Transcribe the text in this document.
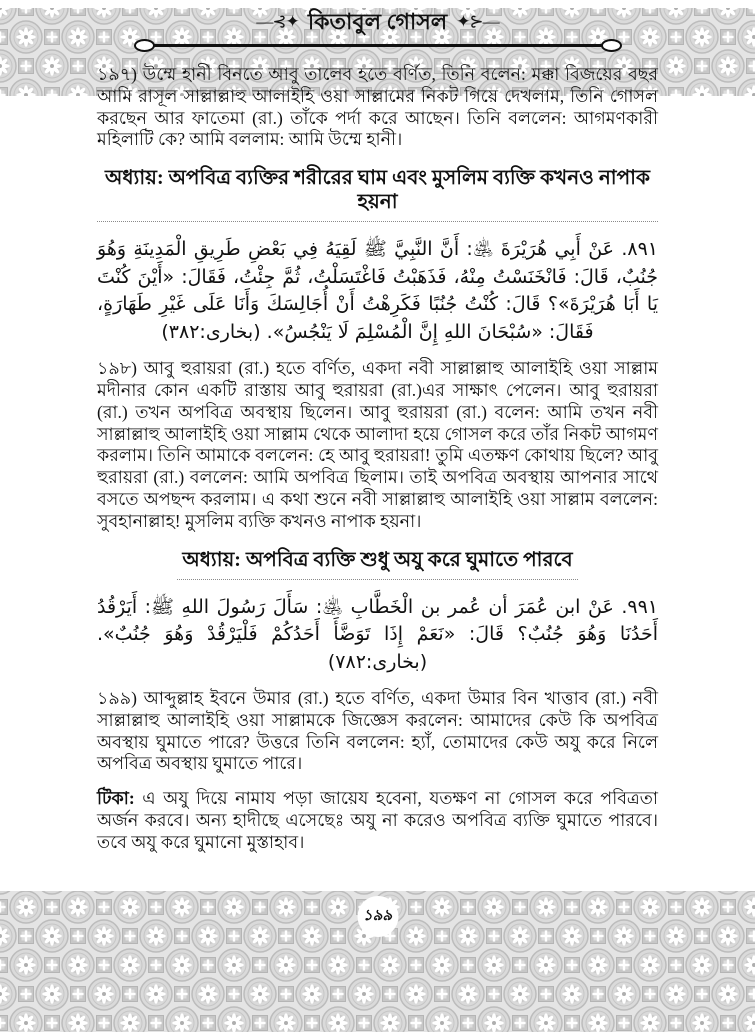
—⊰✦ কিতাবুল গোসল ✦⊱—

১৯৭) উম্মে হানী বিনতে আবু তালেব হতে বর্ণিত, তিনি বলেন: মক্কা বিজয়ের বছর আমি রাসূল সাল্লাল্লাহু আলাইহি ওয়া সাল্লামের নিকট গিয়ে দেখলাম, তিনি গোসল করছেন আর ফাতেমা (রা.) তাঁকে পর্দা করে আছেন। তিনি বললেন: আগমণকারী মহিলাটি কে? আমি বললাম: আমি উম্মে হানী।

অধ্যায়: অপবিত্র ব্যক্তির শরীরের ঘাম এবং মুসলিম ব্যক্তি কখনও নাপাক হয়না

٨٩١. عَنْ أَبِي هُرَيْرَةَ ﵁: أَنَّ النَّبِيَّ ﷺ لَقِيَهُ فِي بَعْضِ طَرِيقِ الْمَدِينَةِ وَهُوَ جُنُبٌ، قَالَ: فَانْخَنَسْتُ مِنْهُ، فَذَهَبْتُ فَاغْتَسَلْتُ، ثُمَّ جِئْتُ، فَقَالَ: «أَيْنَ كُنْتَ يَا أَبَا هُرَيْرَةَ»؟ قَالَ: كُنْتُ جُنُبًا فَكَرِهْتُ أَنْ أُجَالِسَكَ وَأَنَا عَلَى غَيْرِ طَهَارَةٍ، فَقَالَ: «سُبْحَانَ اللهِ إِنَّ الْمُسْلِمَ لَا يَنْجُسُ». (بخارى:٣٨٢)

১৯৮) আবু হুরায়রা (রা.) হতে বর্ণিত, একদা নবী সাল্লাল্লাহু আলাইহি ওয়া সাল্লাম মদীনার কোন একটি রাস্তায় আবু হুরায়রা (রা.)এর সাক্ষাৎ পেলেন। আবু হুরায়রা (রা.) তখন অপবিত্র অবস্থায় ছিলেন। আবু হুরায়রা (রা.) বলেন: আমি তখন নবী সাল্লাল্লাহু আলাইহি ওয়া সাল্লাম থেকে আলাদা হয়ে গোসল করে তাঁর নিকট আগমণ করলাম। তিনি আমাকে বললেন: হে আবু হুরায়রা! তুমি এতক্ষণ কোথায় ছিলে? আবু হুরায়রা (রা.) বললেন: আমি অপবিত্র ছিলাম। তাই অপবিত্র অবস্থায় আপনার সাথে বসতে অপছন্দ করলাম। এ কথা শুনে নবী সাল্লাল্লাহু আলাইহি ওয়া সাল্লাম বললেন: সুবহানাল্লাহ! মুসলিম ব্যক্তি কখনও নাপাক হয়না।

অধ্যায়: অপবিত্র ব্যক্তি শুধু অযু করে ঘুমাতে পারবে

٩٩١. عَنْ ابن عُمَرَ أن عُمر بن الْخَطَّابِ ﵁: سَأَلَ رَسُولَ اللهِ ﷺ: أَيَرْقُدُ أَحَدُنَا وَهُوَ جُنُبٌ؟ قَالَ: «نَعَمْ إِذَا تَوَضَّأَ أَحَدُكُمْ فَلْيَرْقُدْ وَهُوَ جُنُبٌ». (بخارى:٧٨٢)

১৯৯) আব্দুল্লাহ ইবনে উমার (রা.) হতে বর্ণিত, একদা উমার বিন খাত্তাব (রা.) নবী সাল্লাল্লাহু আলাইহি ওয়া সাল্লামকে জিজ্ঞেস করলেন: আমাদের কেউ কি অপবিত্র অবস্থায় ঘুমাতে পারে? উত্তরে তিনি বললেন: হ্যাঁ, তোমাদের কেউ অযু করে নিলে অপবিত্র অবস্থায় ঘুমাতে পারে।

টিকা: এ অযু দিয়ে নামায পড়া জায়েয হবেনা, যতক্ষণ না গোসল করে পবিত্রতা অর্জন করবে। অন্য হাদীছে এসেছেঃ অযু না করেও অপবিত্র ব্যক্তি ঘুমাতে পারবে। তবে অযু করে ঘুমানো মুস্তাহাব।

১৯৯
